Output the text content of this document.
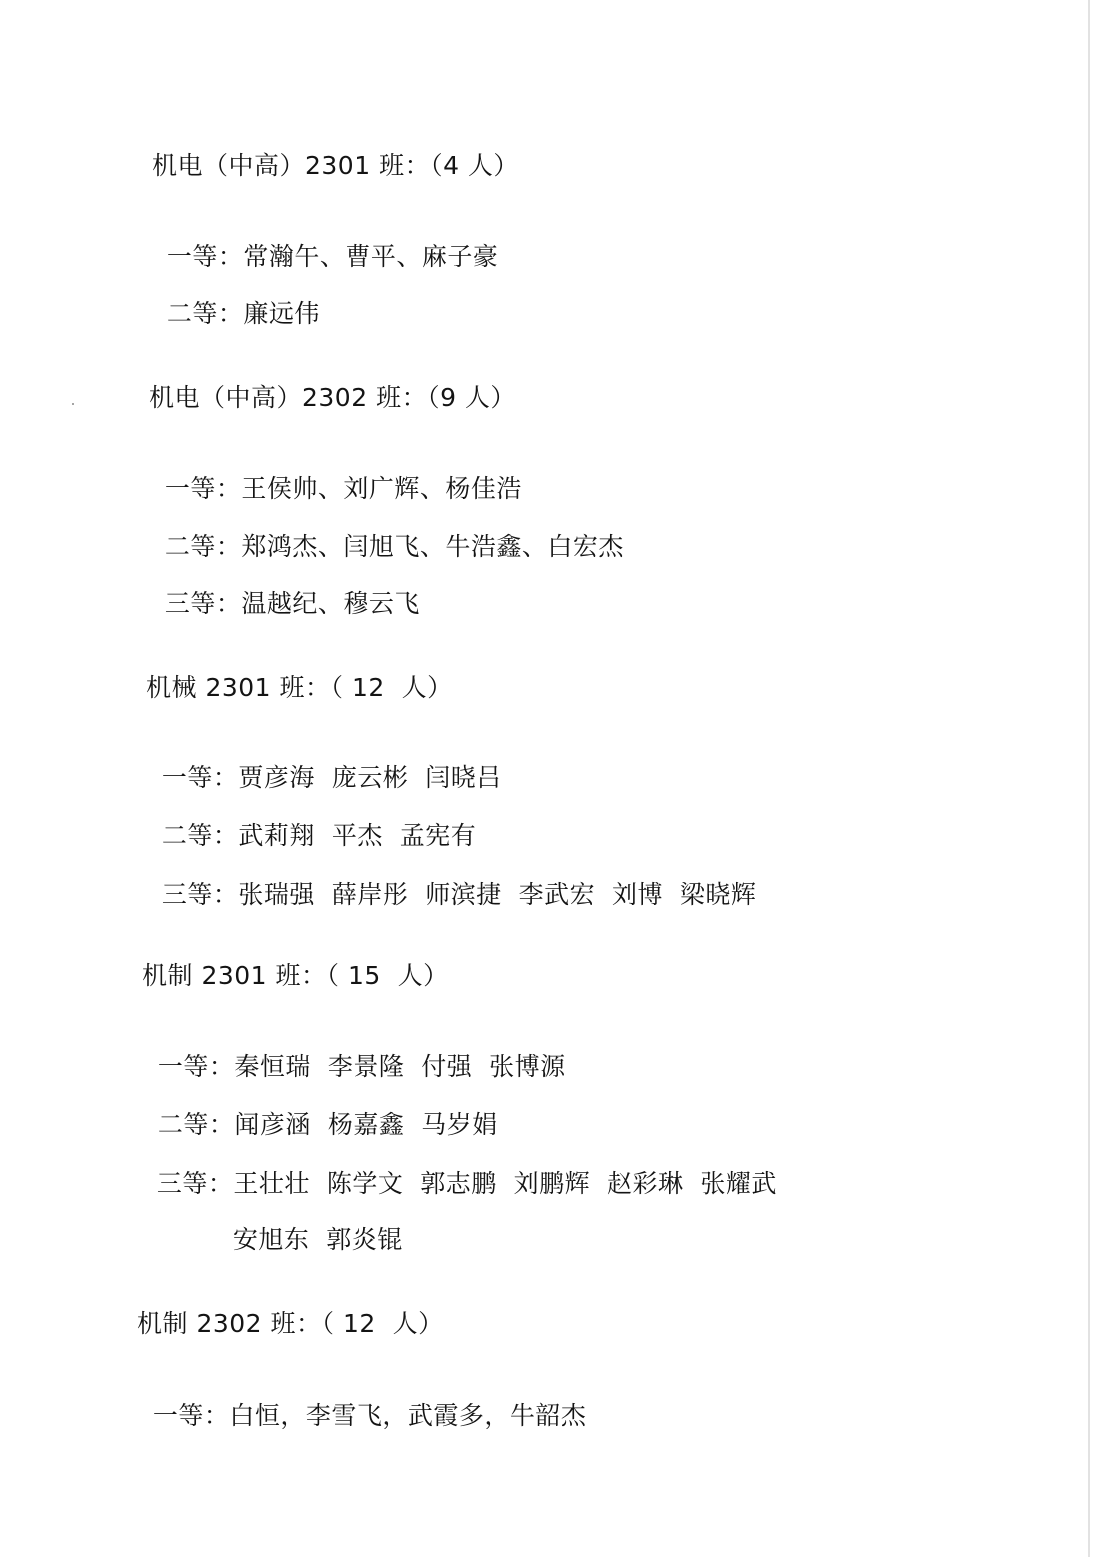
机电（中高）2301 班：（4 人）

一等：常瀚午、曹平、麻子豪

二等：廉远伟

机电（中高）2302 班：（9 人）

一等：王侯帅、刘广辉、杨佳浩

二等：郑鸿杰、闫旭飞、牛浩鑫、白宏杰

三等：温越纪、穆云飞

机械 2301 班：（ 12  人）

一等：贾彦海  庞云彬  闫晓吕

二等：武莉翔  平杰  孟宪有

三等：张瑞强  薛岸彤  师滨捷  李武宏  刘博  梁晓辉

机制 2301 班：（ 15  人）

一等：秦恒瑞  李景隆  付强  张博源

二等：闻彦涵  杨嘉鑫  马岁娟

三等：王壮壮  陈学文  郭志鹏  刘鹏辉  赵彩琳  张耀武

安旭东  郭炎锟

机制 2302 班：（ 12  人）

一等：白恒，李雪飞，武霞多，牛韶杰
